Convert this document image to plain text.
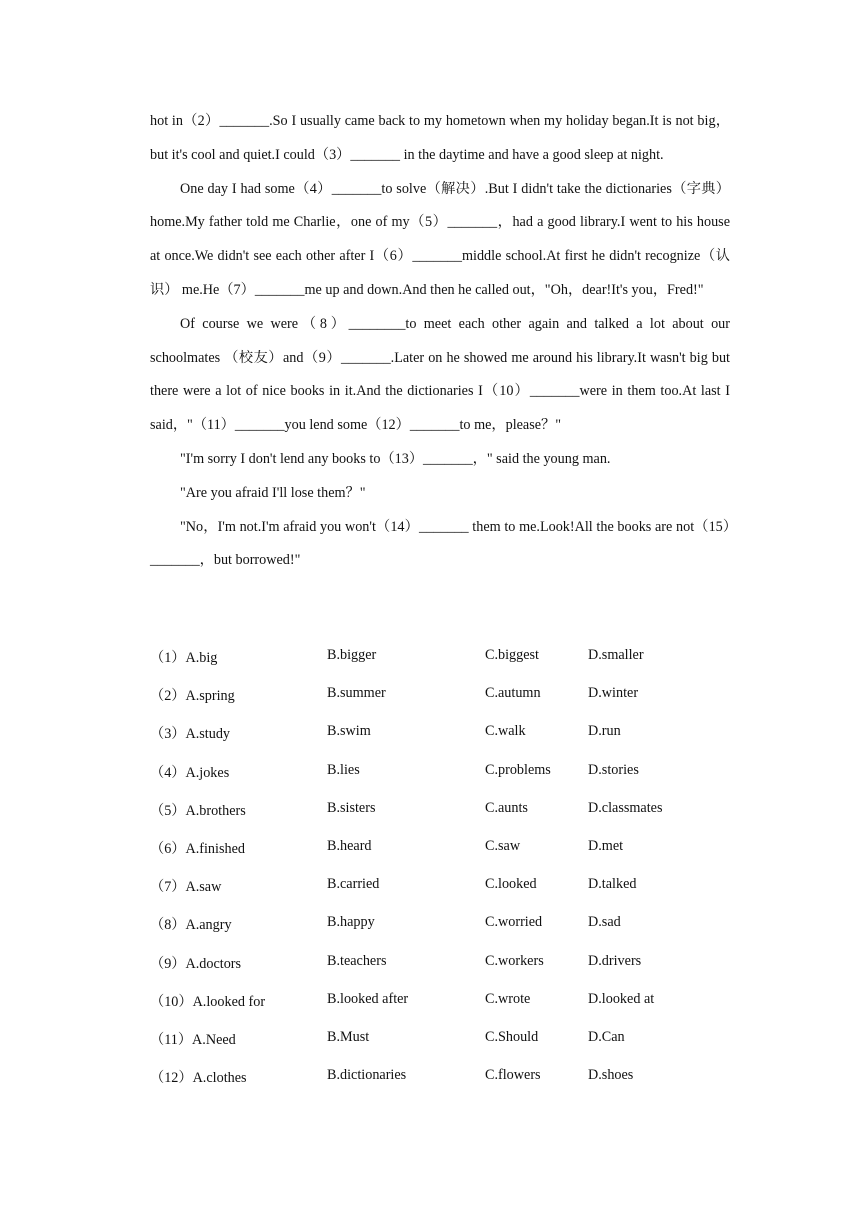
hot in（2）_______.So I usually came back to my hometown when my holiday began.It is not big，but it's cool and quiet.I could（3）_______ in the daytime and have a good sleep at night.

One day I had some（4）_______to solve（解决）.But I didn't take the dictionaries（字典） home.My father told me Charlie，one of my（5）_______，had a good library.I went to his house at once.We didn't see each other after I（6）_______middle school.At first he didn't recognize（认识） me.He（7）_______me up and down.And then he called out，"Oh，dear!It's you，Fred!"

Of course we were（8）________to meet each other again and talked a lot about our schoolmates （校友）and（9）_______.Later on he showed me around his library.It wasn't big but there were a lot of nice books in it.And the dictionaries I（10）_______were in them too.At last I said，"（11）_______you lend some（12）_______to me，please？"

"I'm sorry I don't lend any books to（13）_______，" said the young man.

"Are you afraid I'll lose them？"

"No，I'm not.I'm afraid you won't（14）_______ them to me.Look!All the books are not（15）_______，but borrowed!"

（1）A.big	B.bigger	C.biggest	D.smaller
（2）A.spring	B.summer	C.autumn	D.winter
（3）A.study	B.swim	C.walk	D.run
（4）A.jokes	B.lies	C.problems	D.stories
（5）A.brothers	B.sisters	C.aunts	D.classmates
（6）A.finished	B.heard	C.saw	D.met
（7）A.saw	B.carried	C.looked	D.talked
（8）A.angry	B.happy	C.worried	D.sad
（9）A.doctors	B.teachers	C.workers	D.drivers
（10）A.looked for	B.looked after	C.wrote	D.looked at
（11）A.Need	B.Must	C.Should	D.Can
（12）A.clothes	B.dictionaries	C.flowers	D.shoes
